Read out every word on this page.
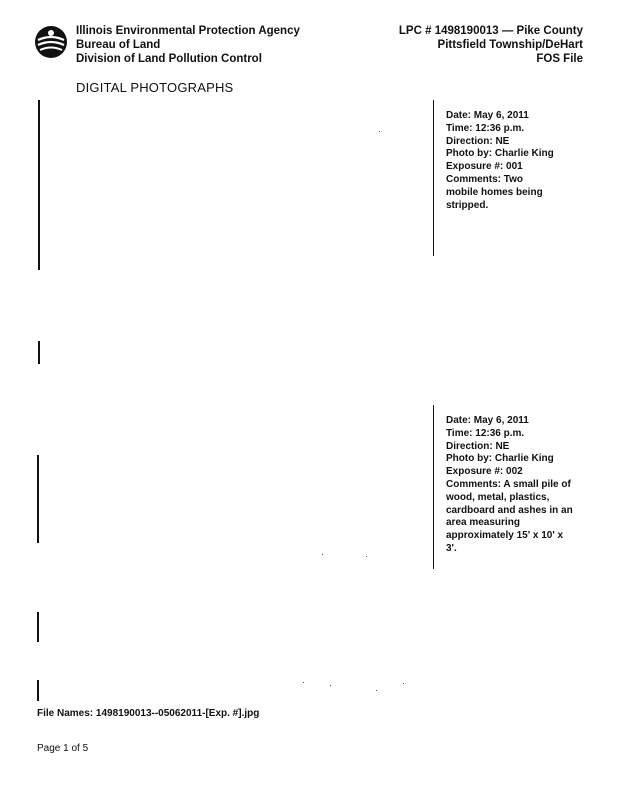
Illinois Environmental Protection Agency
Bureau of Land
Division of Land Pollution Control
LPC # 1498190013 — Pike County
Pittsfield Township/DeHart
FOS File
DIGITAL PHOTOGRAPHS
Date: May 6, 2011
Time: 12:36 p.m.
Direction: NE
Photo by: Charlie King
Exposure #: 001
Comments: Two mobile homes being stripped.
Date: May 6, 2011
Time: 12:36 p.m.
Direction: NE
Photo by: Charlie King
Exposure #: 002
Comments: A small pile of wood, metal, plastics, cardboard and ashes in an area measuring approximately 15' x 10' x 3'.
File Names: 1498190013--05062011-[Exp. #].jpg
Page 1 of 5
